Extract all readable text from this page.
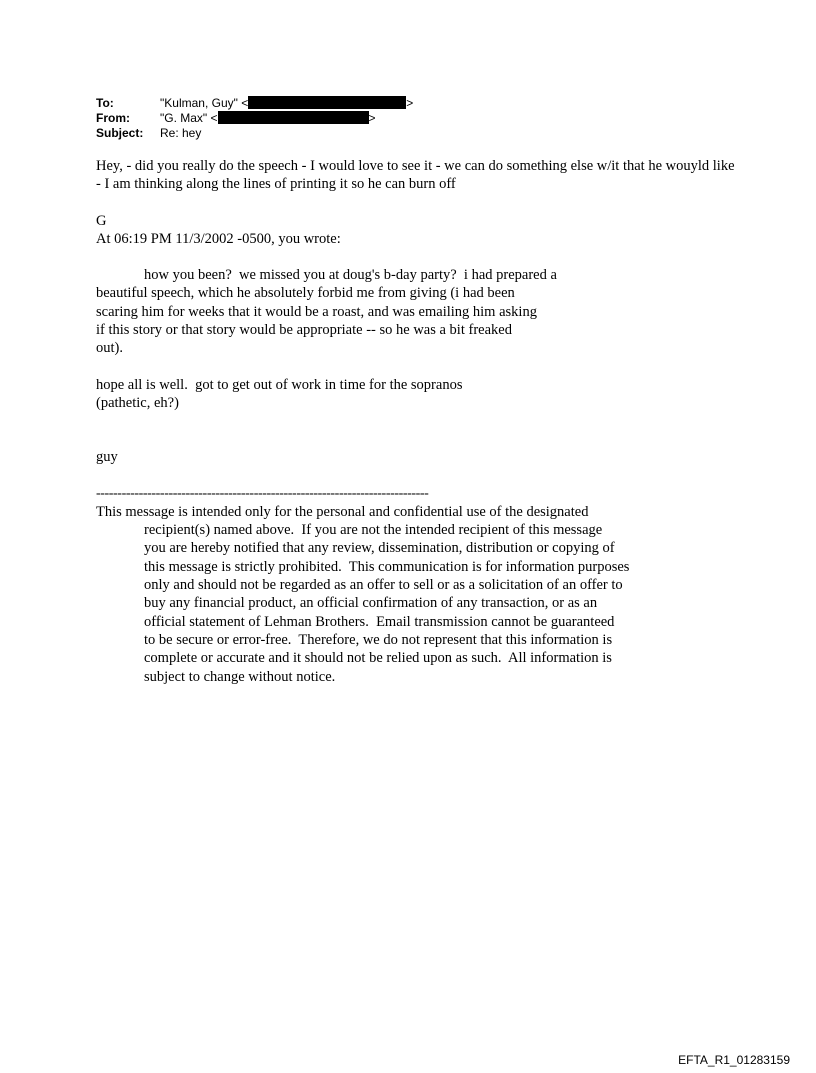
To:	"Kulman, Guy" <	>
From:	"G. Max" <	>
Subject:	Re: hey

Hey, - did you really do the speech - I would love to see it - we can do something else w/it that he wouyld like - I am thinking along the lines of printing it so he can burn off

G

At 06:19 PM 11/3/2002 -0500, you wrote:

how you been?  we missed you at doug's b-day party?  i had prepared a
beautiful speech, which he absolutely forbid me from giving (i had been
scaring him for weeks that it would be a roast, and was emailing him asking
if this story or that story would be appropriate -- so he was a bit freaked
out).

hope all is well.  got to get out of work in time for the sopranos
(pathetic, eh?)

guy

------------------------------------------------------------------------------

This message is intended only for the personal and confidential use of the designated
recipient(s) named above.  If you are not the intended recipient of this message
you are hereby notified that any review, dissemination, distribution or copying of
this message is strictly prohibited.  This communication is for information purposes
only and should not be regarded as an offer to sell or as a solicitation of an offer to
buy any financial product, an official confirmation of any transaction, or as an
official statement of Lehman Brothers.  Email transmission cannot be guaranteed
to be secure or error-free.  Therefore, we do not represent that this information is
complete or accurate and it should not be relied upon as such.  All information is
subject to change without notice.

EFTA_R1_01283159
